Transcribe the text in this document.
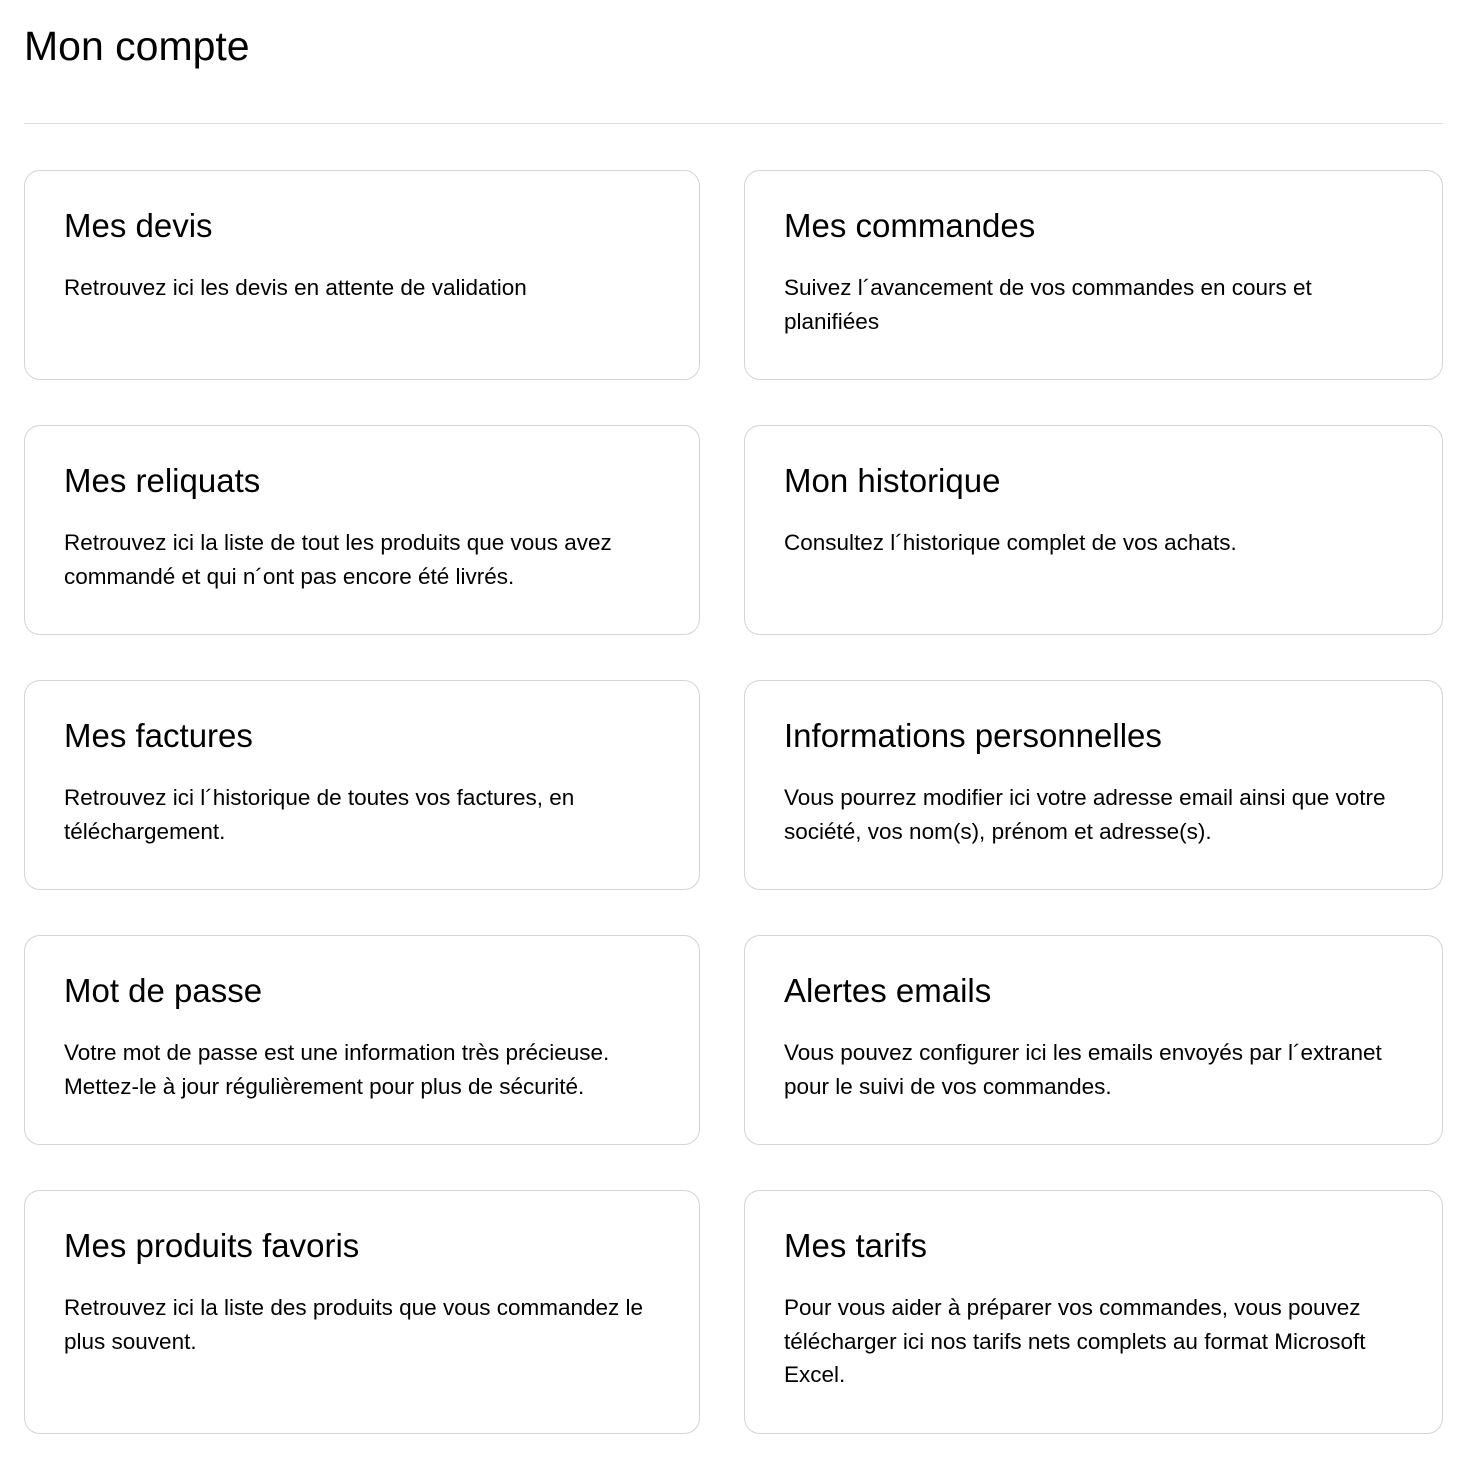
Mon compte
Mes devis

Retrouvez ici les devis en attente de validation

Mes commandes

Suivez l´avancement de vos commandes en cours et planifiées

Mes reliquats

Retrouvez ici la liste de tout les produits que vous avez commandé et qui n´ont pas encore été livrés.

Mon historique

Consultez l´historique complet de vos achats.

Mes factures

Retrouvez ici l´historique de toutes vos factures, en téléchargement.

Informations personnelles

Vous pourrez modifier ici votre adresse email ainsi que votre société, vos nom(s), prénom et adresse(s).

Mot de passe

Votre mot de passe est une information très précieuse. Mettez-le à jour régulièrement pour plus de sécurité.

Alertes emails

Vous pouvez configurer ici les emails envoyés par l´extranet pour le suivi de vos commandes.

Mes produits favoris

Retrouvez ici la liste des produits que vous commandez le plus souvent.

Mes tarifs

Pour vous aider à préparer vos commandes, vous pouvez télécharger ici nos tarifs nets complets au format Microsoft Excel.
